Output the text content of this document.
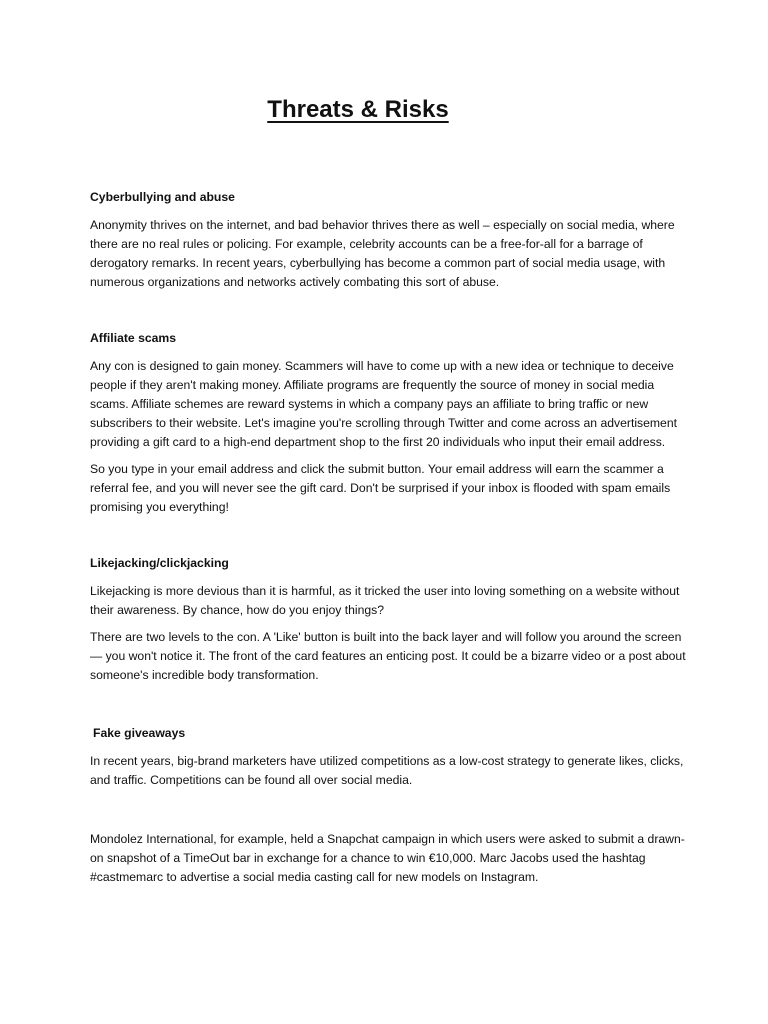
Threats & Risks
Cyberbullying and abuse

Anonymity thrives on the internet, and bad behavior thrives there as well – especially on social media, where there are no real rules or policing. For example, celebrity accounts can be a free-for-all for a barrage of derogatory remarks. In recent years, cyberbullying has become a common part of social media usage, with numerous organizations and networks actively combating this sort of abuse.

Affiliate scams

Any con is designed to gain money. Scammers will have to come up with a new idea or technique to deceive people if they aren't making money. Affiliate programs are frequently the source of money in social media scams. Affiliate schemes are reward systems in which a company pays an affiliate to bring traffic or new subscribers to their website. Let's imagine you're scrolling through Twitter and come across an advertisement providing a gift card to a high-end department shop to the first 20 individuals who input their email address.

So you type in your email address and click the submit button. Your email address will earn the scammer a referral fee, and you will never see the gift card. Don't be surprised if your inbox is flooded with spam emails promising you everything!

Likejacking/clickjacking

Likejacking is more devious than it is harmful, as it tricked the user into loving something on a website without their awareness. By chance, how do you enjoy things?

There are two levels to the con. A 'Like' button is built into the back layer and will follow you around the screen — you won't notice it. The front of the card features an enticing post. It could be a bizarre video or a post about someone's incredible body transformation.

Fake giveaways

In recent years, big-brand marketers have utilized competitions as a low-cost strategy to generate likes, clicks, and traffic. Competitions can be found all over social media.

Mondolez International, for example, held a Snapchat campaign in which users were asked to submit a drawn-on snapshot of a TimeOut bar in exchange for a chance to win €10,000. Marc Jacobs used the hashtag #castmemarc to advertise a social media casting call for new models on Instagram.
